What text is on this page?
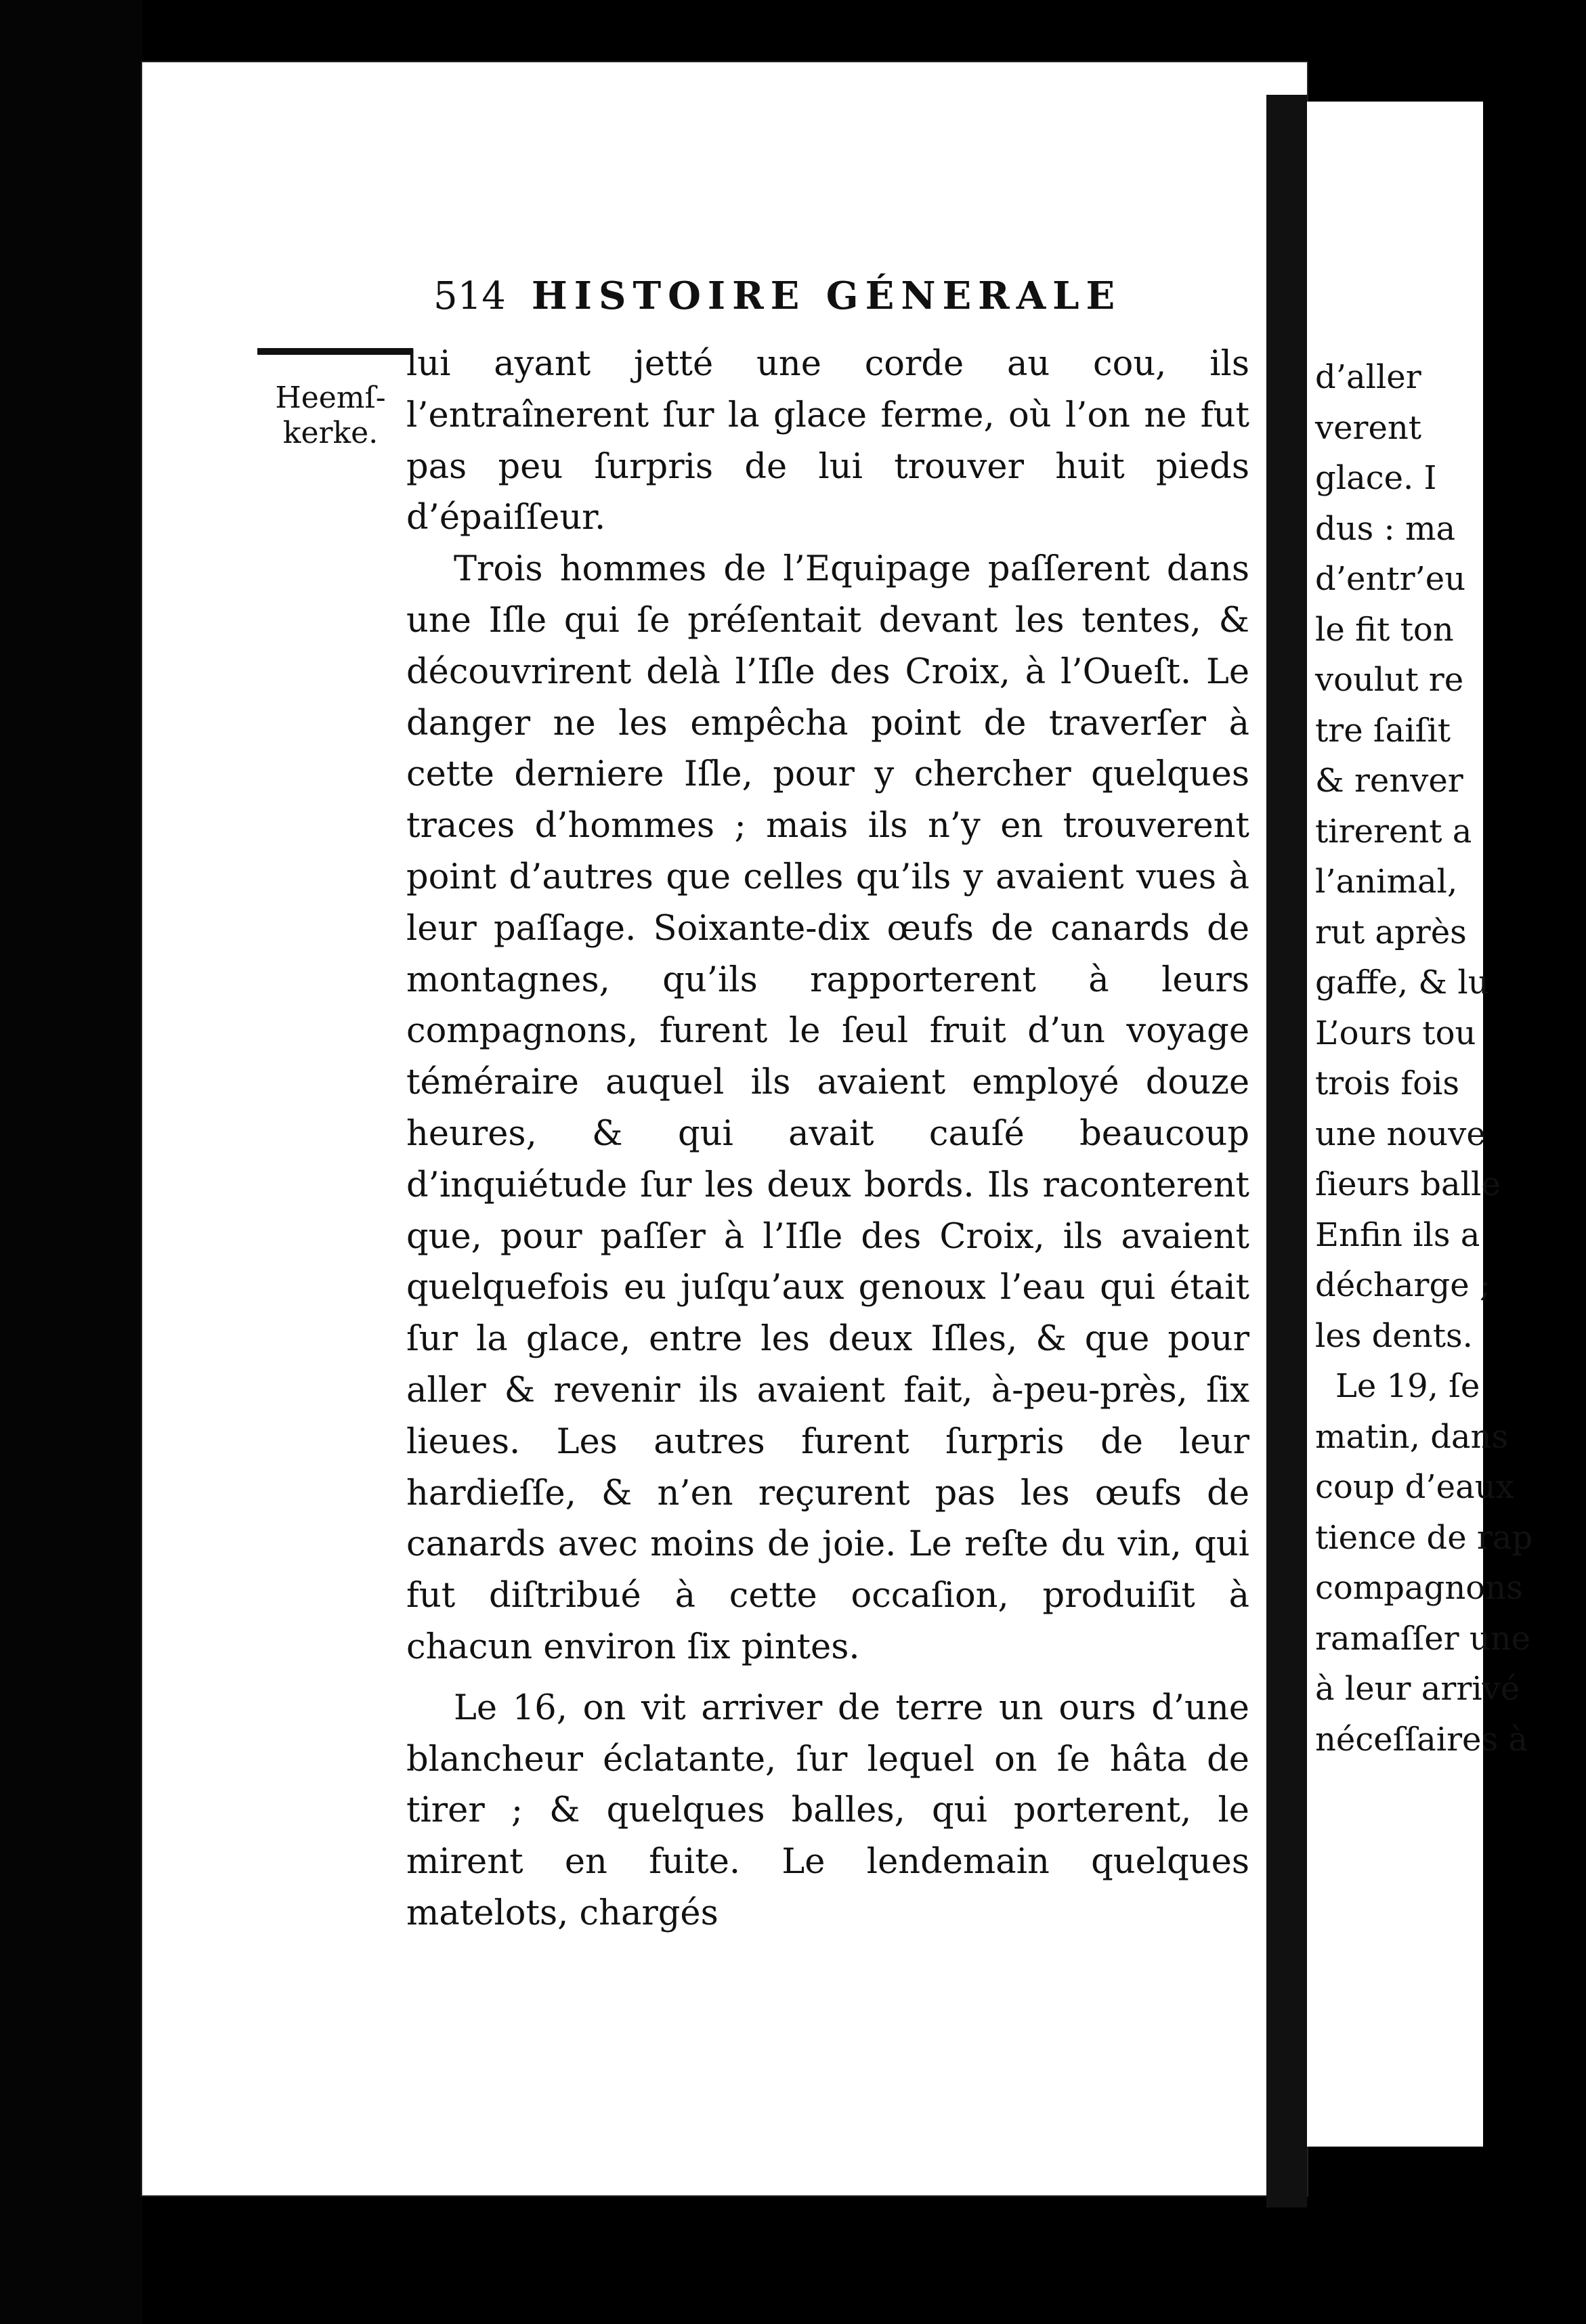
d’aller
verent
glace. I
dus : ma
d’entr’eu
le fit ton
voulut re
tre ſaiſit
& renver
tirerent a
l’animal,
rut après
gaffe, & lu
L’ours tou
trois fois
une nouve
ſieurs balle
Enfin ils a
décharge ;
les dents.
Le 19, ſe
matin, dans
coup d’eaux
tience de rap
compagnons
ramaſſer une
à leur arrivé
néceſſaires à
514 HISTOIRE GÉNERALE
Heemſ-
kerke.

lui ayant jetté une corde au cou, ils l’entraînerent ſur la glace ferme, où l’on ne fut pas peu ſurpris de lui trouver huit pieds d’épaiſſeur.

Trois hommes de l’Equipage paſſerent dans une Iſle qui ſe préſentait devant les tentes, & découvrirent delà l’Iſle des Croix, à l’Oueſt. Le danger ne les empêcha point de traverſer à cette derniere Iſle, pour y chercher quelques traces d’hommes ; mais ils n’y en trouverent point d’autres que celles qu’ils y avaient vues à leur paſſage. Soixante-dix œufs de canards de montagnes, qu’ils rapporterent à leurs compagnons, furent le ſeul fruit d’un voyage téméraire auquel ils avaient employé douze heures, & qui avait cauſé beaucoup d’inquiétude ſur les deux bords. Ils raconterent que, pour paſſer à l’Iſle des Croix, ils avaient quelquefois eu juſqu’aux genoux l’eau qui était ſur la glace, entre les deux Iſles, & que pour aller & revenir ils avaient fait, à-peu-près, ſix lieues. Les autres furent ſurpris de leur hardieſſe, & n’en reçurent pas les œufs de canards avec moins de joie. Le reſte du vin, qui fut diſtribué à cette occaſion, produiſit à chacun environ ſix pintes.

Le 16, on vit arriver de terre un ours d’une blancheur éclatante, ſur lequel on ſe hâta de tirer ; & quelques balles, qui porterent, le mirent en fuite. Le lendemain quelques matelots, chargés
